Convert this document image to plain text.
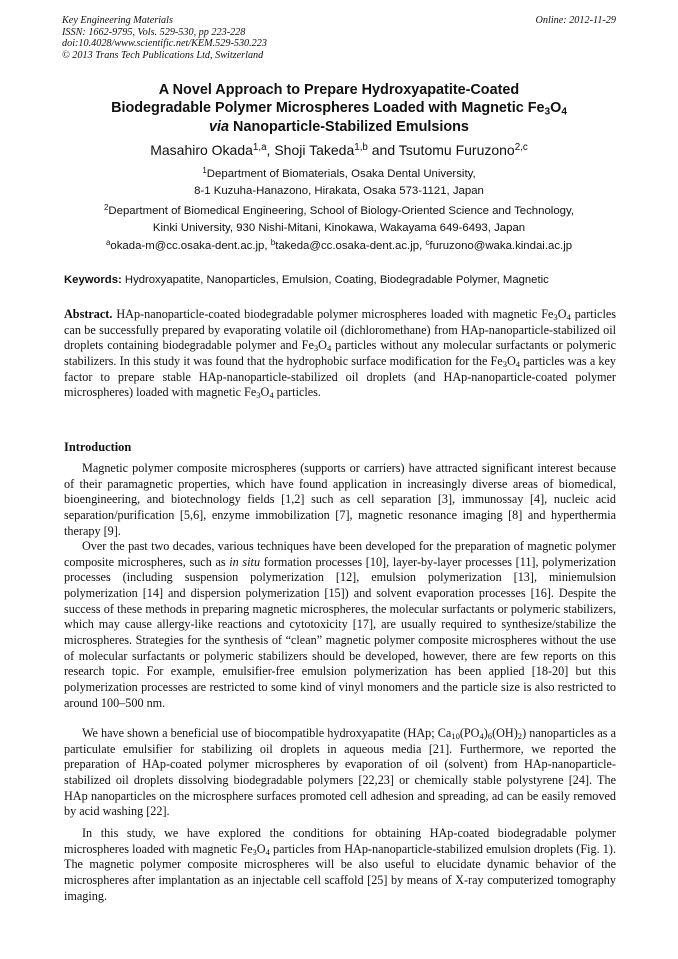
Key Engineering Materials
ISSN: 1662-9795, Vols. 529-530, pp 223-228
doi:10.4028/www.scientific.net/KEM.529-530.223
© 2013 Trans Tech Publications Ltd, Switzerland
Online: 2012-11-29
A Novel Approach to Prepare Hydroxyapatite-Coated
Biodegradable Polymer Microspheres Loaded with Magnetic $Fe_3O_4$
via Nanoparticle-Stabilized Emulsions
Masahiro Okada$^{1,a}$, Shoji Takeda$^{1,b}$ and Tsutomu Furuzono$^{2,c}$
$^1$Department of Biomaterials, Osaka Dental University,
8-1 Kuzuha-Hanazono, Hirakata, Osaka 573-1121, Japan
$^2$Department of Biomedical Engineering, School of Biology-Oriented Science and Technology,
Kinki University, 930 Nishi-Mitani, Kinokawa, Wakayama 649-6493, Japan
$^a$okada-m@cc.osaka-dent.ac.jp, $^b$takeda@cc.osaka-dent.ac.jp, $^c$furuzono@waka.kindai.ac.jp
Keywords: Hydroxyapatite, Nanoparticles, Emulsion, Coating, Biodegradable Polymer, Magnetic

Abstract. HAp-nanoparticle-coated biodegradable polymer microspheres loaded with magnetic $Fe_3O_4$ particles can be successfully prepared by evaporating volatile oil (dichloromethane) from HAp-nanoparticle-stabilized oil droplets containing biodegradable polymer and $Fe_3O_4$ particles without any molecular surfactants or polymeric stabilizers. In this study it was found that the hydrophobic surface modification for the $Fe_3O_4$ particles was a key factor to prepare stable HAp-nanoparticle-stabilized oil droplets (and HAp-nanoparticle-coated polymer microspheres) loaded with magnetic $Fe_3O_4$ particles.

Introduction

Magnetic polymer composite microspheres (supports or carriers) have attracted significant interest because of their paramagnetic properties, which have found application in increasingly diverse areas of biomedical, bioengineering, and biotechnology fields [1,2] such as cell separation [3], immunossay [4], nucleic acid separation/purification [5,6], enzyme immobilization [7], magnetic resonance imaging [8] and hyperthermia therapy [9].

Over the past two decades, various techniques have been developed for the preparation of magnetic polymer composite microspheres, such as in situ formation processes [10], layer-by-layer processes [11], polymerization processes (including suspension polymerization [12], emulsion polymerization [13], miniemulsion polymerization [14] and dispersion polymerization [15]) and solvent evaporation processes [16]. Despite the success of these methods in preparing magnetic microspheres, the molecular surfactants or polymeric stabilizers, which may cause allergy-like reactions and cytotoxicity [17], are usually required to synthesize/stabilize the microspheres. Strategies for the synthesis of “clean” magnetic polymer composite microspheres without the use of molecular surfactants or polymeric stabilizers should be developed, however, there are few reports on this research topic. For example, emulsifier-free emulsion polymerization has been applied [18-20] but this polymerization processes are restricted to some kind of vinyl monomers and the particle size is also restricted to around 100–500 nm.

We have shown a beneficial use of biocompatible hydroxyapatite (HAp; $Ca_{10}(PO_4)_6(OH)_2$) nanoparticles as a particulate emulsifier for stabilizing oil droplets in aqueous media [21]. Furthermore, we reported the preparation of HAp-coated polymer microspheres by evaporation of oil (solvent) from HAp-nanoparticle-stabilized oil droplets dissolving biodegradable polymers [22,23] or chemically stable polystyrene [24]. The HAp nanoparticles on the microsphere surfaces promoted cell adhesion and spreading, ad can be easily removed by acid washing [22].

In this study, we have explored the conditions for obtaining HAp-coated biodegradable polymer microspheres loaded with magnetic $Fe_3O_4$ particles from HAp-nanoparticle-stabilized emulsion droplets (Fig. 1). The magnetic polymer composite microspheres will be also useful to elucidate dynamic behavior of the microspheres after implantation as an injectable cell scaffold [25] by means of X-ray computerized tomography imaging.
